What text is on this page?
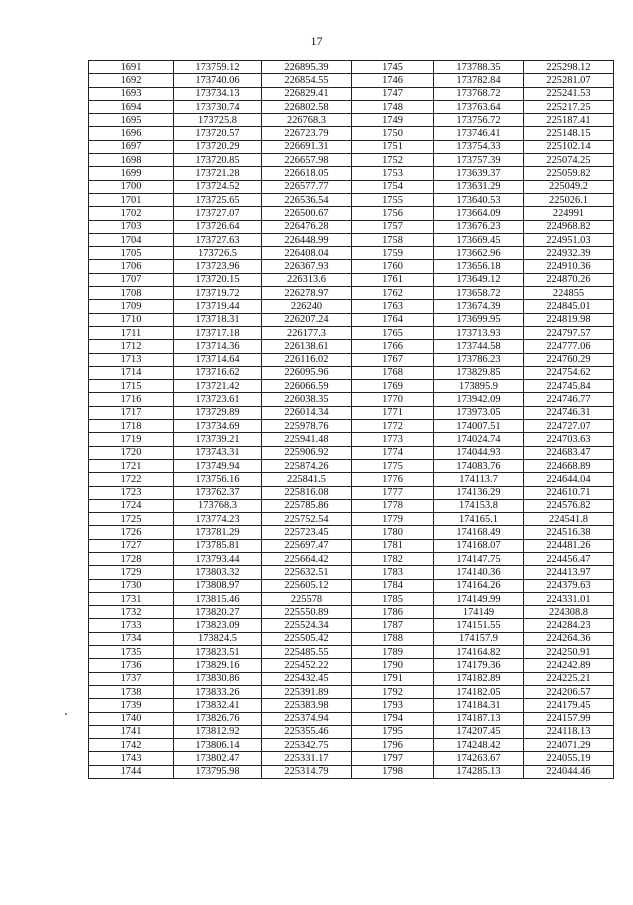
17
1691	173759.12	226895.39	1745	173788.35	225298.12
1692	173740.06	226854.55	1746	173782.84	225281.07
1693	173734.13	226829.41	1747	173768.72	225241.53
1694	173730.74	226802.58	1748	173763.64	225217.25
1695	173725.8	226768.3	1749	173756.72	225187.41
1696	173720.57	226723.79	1750	173746.41	225148.15
1697	173720.29	226691.31	1751	173754.33	225102.14
1698	173720.85	226657.98	1752	173757.39	225074.25
1699	173721.28	226618.05	1753	173639.37	225059.82
1700	173724.52	226577.77	1754	173631.29	225049.2
1701	173725.65	226536.54	1755	173640.53	225026.1
1702	173727.07	226500.67	1756	173664.09	224991
1703	173726.64	226476.28	1757	173676.23	224968.82
1704	173727.63	226448.99	1758	173669.45	224951.03
1705	173726.5	226408.04	1759	173662.96	224932.39
1706	173723.96	226367.93	1760	173656.18	224910.36
1707	173720.15	226313.6	1761	173649.12	224870.26
1708	173719.72	226278.97	1762	173658.72	224855
1709	173719.44	226240	1763	173674.39	224845.01
1710	173718.31	226207.24	1764	173699.95	224819.98
1711	173717.18	226177.3	1765	173713.93	224797.57
1712	173714.36	226138.61	1766	173744.58	224777.06
1713	173714.64	226116.02	1767	173786.23	224760.29
1714	173716.62	226095.96	1768	173829.85	224754.62
1715	173721.42	226066.59	1769	173895.9	224745.84
1716	173723.61	226038.35	1770	173942.09	224746.77
1717	173729.89	226014.34	1771	173973.05	224746.31
1718	173734.69	225978.76	1772	174007.51	224727.07
1719	173739.21	225941.48	1773	174024.74	224703.63
1720	173743.31	225906.92	1774	174044.93	224683.47
1721	173749.94	225874.26	1775	174083.76	224668.89
1722	173756.16	225841.5	1776	174113.7	224644.04
1723	173762.37	225816.08	1777	174136.29	224610.71
1724	173768.3	225785.86	1778	174153.8	224576.82
1725	173774.23	225752.54	1779	174165.1	224541.8
1726	173781.29	225723.45	1780	174168.49	224516.38
1727	173785.81	225697.47	1781	174168.07	224481.26
1728	173793.44	225664.42	1782	174147.75	224456.47
1729	173803.32	225632.51	1783	174140.36	224413.97
1730	173808.97	225605.12	1784	174164.26	224379.63
1731	173815.46	225578	1785	174149.99	224331.01
1732	173820.27	225550.89	1786	174149	224308.8
1733	173823.09	225524.34	1787	174151.55	224284.23
1734	173824.5	225505.42	1788	174157.9	224264.36
1735	173823.51	225485.55	1789	174164.82	224250.91
1736	173829.16	225452.22	1790	174179.36	224242.89
1737	173830.86	225432.45	1791	174182.89	224225.21
1738	173833.26	225391.89	1792	174182.05	224206.57
1739	173832.41	225383.98	1793	174184.31	224179.45
1740	173826.76	225374.94	1794	174187.13	224157.99
1741	173812.92	225355.46	1795	174207.45	224118.13
1742	173806.14	225342.75	1796	174248.42	224071.29
1743	173802.47	225331.17	1797	174263.67	224055.19
1744	173795.98	225314.79	1798	174285.13	224044.46
